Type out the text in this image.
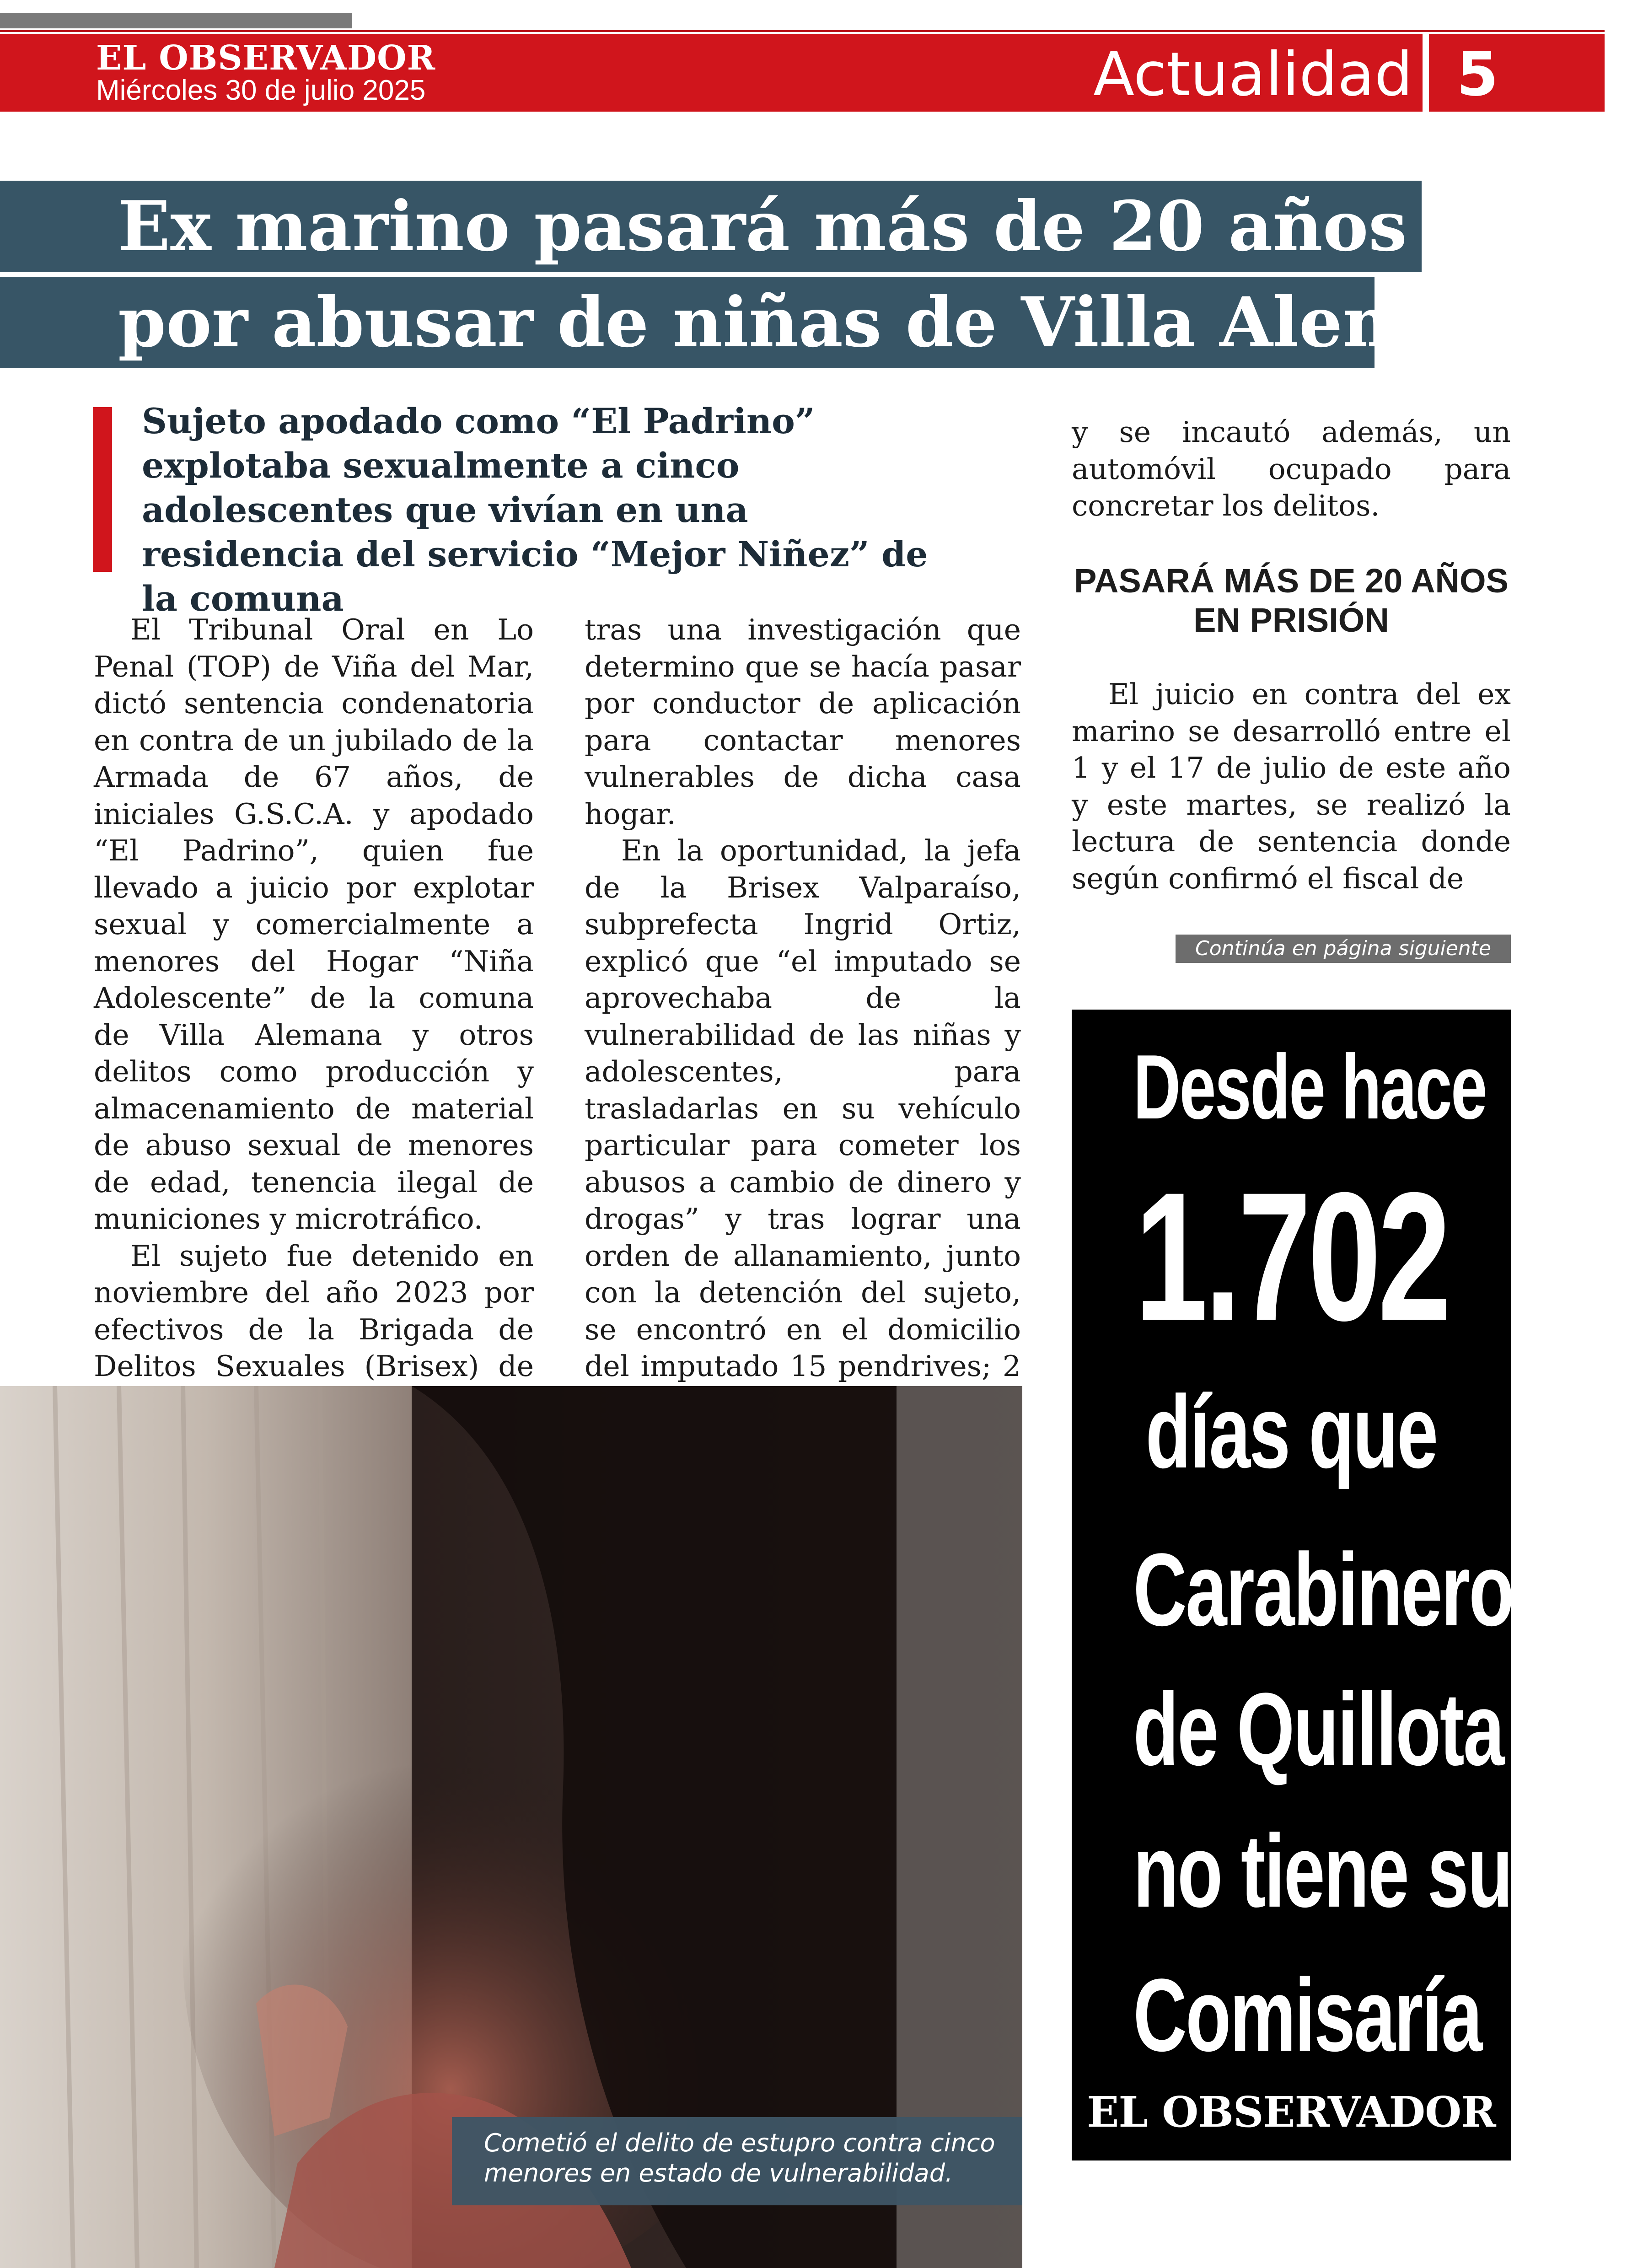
EL OBSERVADOR
Miércoles 30 de julio 2025	Actualidad 5
Ex marino pasará más de 20 años preso
por abusar de niñas de Villa Alemana
Sujeto apodado como “El Padrino” explotaba sexualmente a cinco adolescentes que vivían en una residencia del servicio “Mejor Niñez” de la comuna

El Tribunal Oral en Lo Penal (TOP) de Viña del Mar, dictó sentencia condenatoria en contra de un jubilado de la Armada de 67 años, de iniciales G.S.C.A. y apodado “El Padrino”, quien fue llevado a juicio por explotar sexual y comercialmente a menores del Hogar “Niña Adolescente” de la comuna de Villa Alemana y otros delitos como producción y almacenamiento de material de abuso sexual de menores de edad, tenencia ilegal de municiones y microtráfico.

El sujeto fue detenido en noviembre del año 2023 por efectivos de la Brigada de Delitos Sexuales (Brisex) de

tras una investigación que determino que se hacía pasar por conductor de aplicación para contactar menores vulnerables de dicha casa hogar.

En la oportunidad, la jefa de la Brisex Valparaíso, subprefecta Ingrid Ortiz, explicó que “el imputado se aprovechaba de la vulnerabilidad de las niñas y adolescentes, para trasladarlas en su vehículo particular para cometer los abusos a cambio de dinero y drogas” y tras lograr una orden de allanamiento, junto con la detención del sujeto, se encontró en el domicilio del imputado 15 pendrives; 2

y se incautó además, un automóvil ocupado para concretar los delitos.

PASARÁ MÁS DE 20 AÑOS EN PRISIÓN

El juicio en contra del ex marino se desarrolló entre el 1 y el 17 de julio de este año y este martes, se realizó la lectura de sentencia donde según confirmó el fiscal de

Continúa en página siguiente
Cometió el delito de estupro contra cinco menores en estado de vulnerabilidad.
Desde hace
1.702
días que
Carabineros
de Quillota
no tiene su
Comisaría
EL OBSERVADOR
